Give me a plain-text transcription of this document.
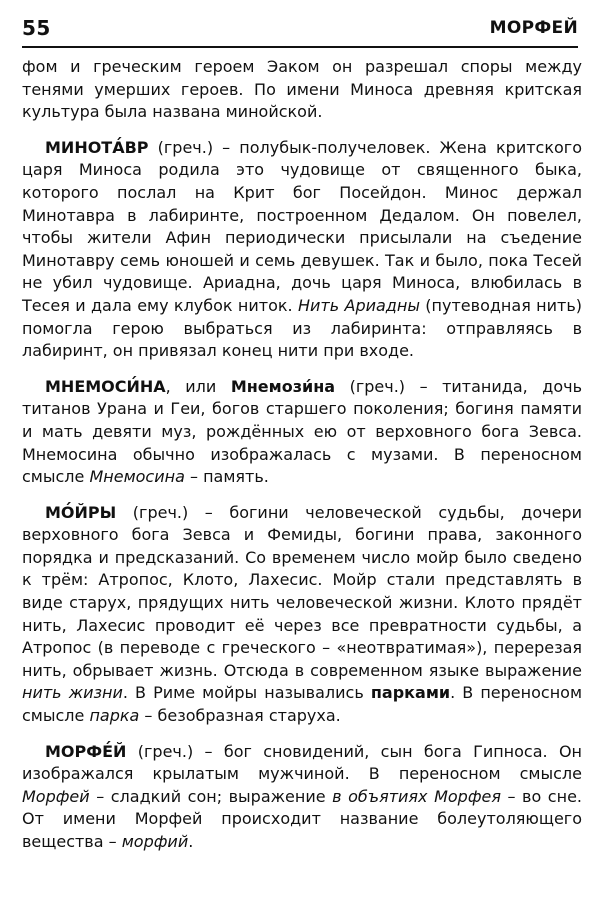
55	МОРФЕЙ

фом и греческим героем Эаком он разрешал споры между тенями умерших героев. По имени Миноса древняя критская культура была названа минойской.

МИНОТА́ВР (греч.) – полубык-получеловек. Жена критского царя Миноса родила это чудовище от священного быка, которого послал на Крит бог Посейдон. Минос держал Минотавра в лабиринте, построенном Дедалом. Он повелел, чтобы жители Афин периодически присылали на съедение Минотавру семь юношей и семь девушек. Так и было, пока Тесей не убил чудовище. Ариадна, дочь царя Миноса, влюбилась в Тесея и дала ему клубок ниток. Нить Ариадны (путеводная нить) помогла герою выбраться из лабиринта: отправляясь в лабиринт, он привязал конец нити при входе.

МНЕМОСИ́НА, или Мнемози́на (греч.) – титанида, дочь титанов Урана и Геи, богов старшего поколения; богиня памяти и мать девяти муз, рождённых ею от верховного бога Зевса. Мнемосина обычно изображалась с музами. В переносном смысле Мнемосина – память.

МО́ЙРЫ (греч.) – богини человеческой судьбы, дочери верховного бога Зевса и Фемиды, богини права, законного порядка и предсказаний. Со временем число мойр было сведено к трём: Атропос, Клото, Лахесис. Мойр стали представлять в виде старух, прядущих нить человеческой жизни. Клото прядёт нить, Лахесис проводит её через все превратности судьбы, а Атропос (в переводе с греческого – «неотвратимая»), перерезая нить, обрывает жизнь. Отсюда в современном языке выражение нить жизни. В Риме мойры назывались парками. В переносном смысле парка – безобразная старуха.

МОРФЕ́Й (греч.) – бог сновидений, сын бога Гипноса. Он изображался крылатым мужчиной. В переносном смысле Морфей – сладкий сон; выражение в объятиях Морфея – во сне. От имени Морфей происходит название болеутоляющего вещества – морфий.
